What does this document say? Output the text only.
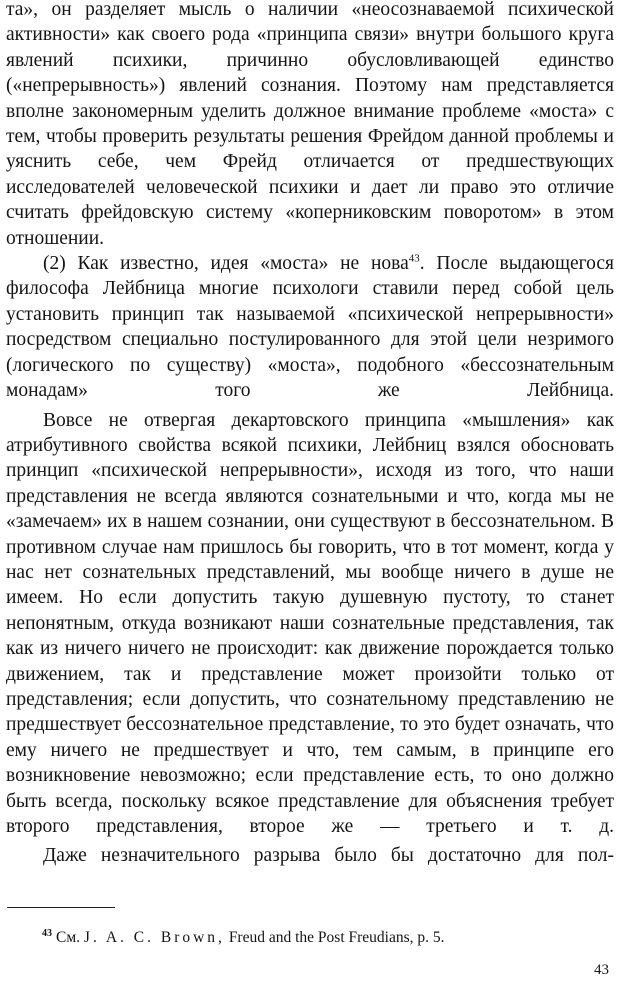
та», он разделяет мысль о наличии «неосознаваемой психической активности» как своего рода «принципа связи» внутри большого круга явлений психики, причинно обусловливающей единство («непрерывность») явлений сознания. Поэтому нам представляется вполне закономерным уделить должное внимание проблеме «моста» с тем, чтобы проверить результаты решения Фрейдом данной проблемы и уяснить себе, чем Фрейд отличается от предшествующих исследователей человеческой психики и дает ли право это отличие считать фрейдовскую систему «коперниковским поворотом» в этом отношении.

(2) Как известно, идея «моста» не нова$^{43}$. После выдающегося философа Лейбница многие психологи ставили перед собой цель установить принцип так называемой «психической непрерывности» посредством специально постулированного для этой цели незримого (логического по существу) «моста», подобного «бессознательным монадам» того же Лейбница.

Вовсе не отвергая декартовского принципа «мышления» как атрибутивного свойства всякой психики, Лейбниц взялся обосновать принцип «психической непрерывности», исходя из того, что наши представления не всегда являются сознательными и что, когда мы не «замечаем» их в нашем сознании, они существуют в бессознательном. В противном случае нам пришлось бы говорить, что в тот момент, когда у нас нет сознательных представлений, мы вообще ничего в душе не имеем. Но если допустить такую душевную пустоту, то станет непонятным, откуда возникают наши сознательные представления, так как из ничего ничего не происходит: как движение порождается только движением, так и представление может произойти только от представления; если допустить, что сознательному представлению не предшествует бессознательное представление, то это будет означать, что ему ничего не предшествует и что, тем самым, в принципе его возникновение невозможно; если представление есть, то оно должно быть всегда, поскольку всякое представление для объяснения требует второго представления, второе же — третьего и т. д.

Даже незначительного разрыва было бы достаточно для пол-

$^{43}$ См. J. A. C. Brown, Freud and the Post Freudians, p. 5.
43
